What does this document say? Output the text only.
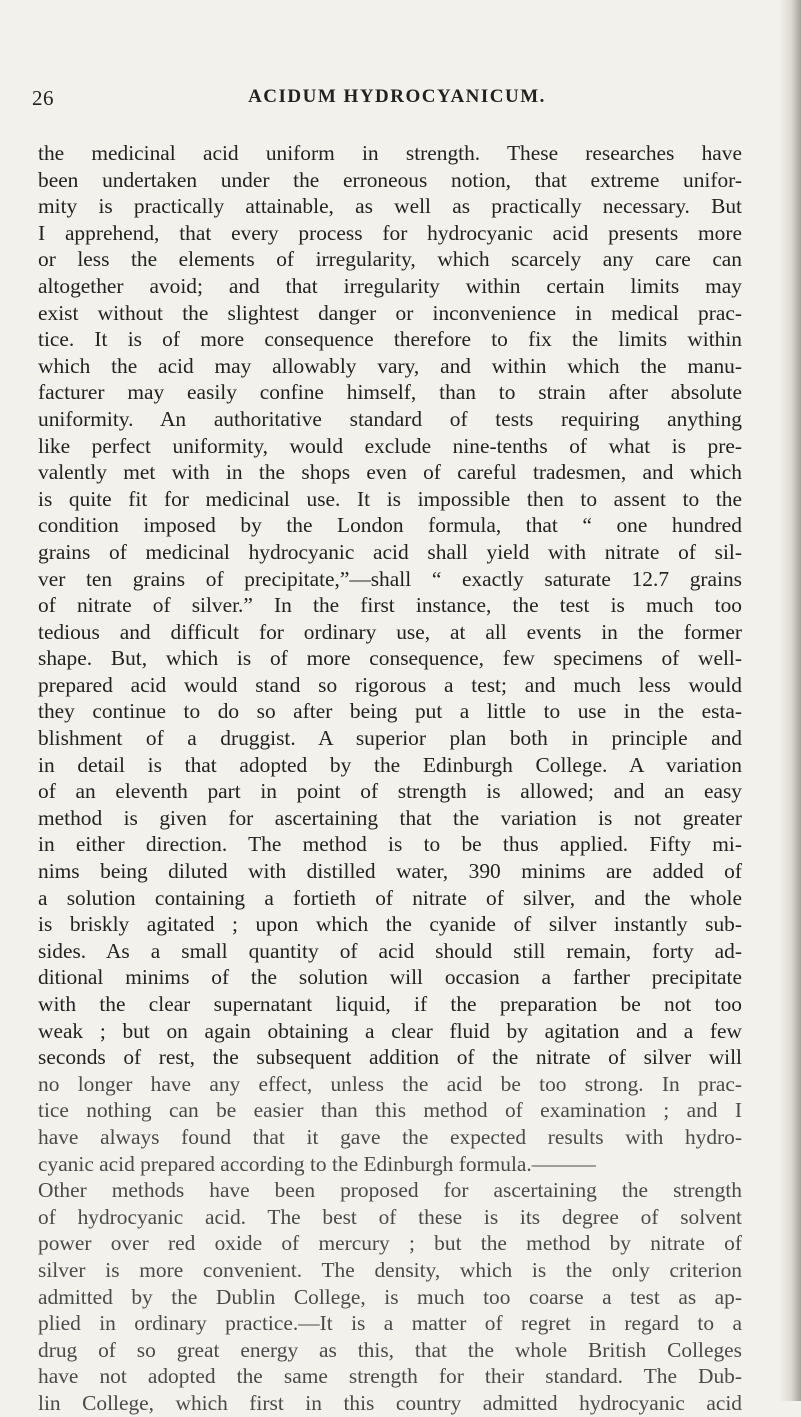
26	ACIDUM HYDROCYANICUM.
the medicinal acid uniform in strength. These researches have
been undertaken under the erroneous notion, that extreme unifor-
mity is practically attainable, as well as practically necessary. But
I apprehend, that every process for hydrocyanic acid presents more
or less the elements of irregularity, which scarcely any care can
altogether avoid; and that irregularity within certain limits may
exist without the slightest danger or inconvenience in medical prac-
tice. It is of more consequence therefore to fix the limits within
which the acid may allowably vary, and within which the manu-
facturer may easily confine himself, than to strain after absolute
uniformity. An authoritative standard of tests requiring anything
like perfect uniformity, would exclude nine-tenths of what is pre-
valently met with in the shops even of careful tradesmen, and which
is quite fit for medicinal use. It is impossible then to assent to the
condition imposed by the London formula, that “ one hundred
grains of medicinal hydrocyanic acid shall yield with nitrate of sil-
ver ten grains of precipitate,”—shall “ exactly saturate 12.7 grains
of nitrate of silver.” In the first instance, the test is much too
tedious and difficult for ordinary use, at all events in the former
shape. But, which is of more consequence, few specimens of well-
prepared acid would stand so rigorous a test; and much less would
they continue to do so after being put a little to use in the esta-
blishment of a druggist. A superior plan both in principle and
in detail is that adopted by the Edinburgh College. A variation
of an eleventh part in point of strength is allowed; and an easy
method is given for ascertaining that the variation is not greater
in either direction. The method is to be thus applied. Fifty mi-
nims being diluted with distilled water, 390 minims are added of
a solution containing a fortieth of nitrate of silver, and the whole
is briskly agitated ; upon which the cyanide of silver instantly sub-
sides. As a small quantity of acid should still remain, forty ad-
ditional minims of the solution will occasion a farther precipitate
with the clear supernatant liquid, if the preparation be not too
weak ; but on again obtaining a clear fluid by agitation and a few
seconds of rest, the subsequent addition of the nitrate of silver will
no longer have any effect, unless the acid be too strong. In prac-
tice nothing can be easier than this method of examination ; and I
have always found that it gave the expected results with hydro-
cyanic acid prepared according to the Edinburgh formula.———
Other methods have been proposed for ascertaining the strength
of hydrocyanic acid. The best of these is its degree of solvent
power over red oxide of mercury ; but the method by nitrate of
silver is more convenient. The density, which is the only criterion
admitted by the Dublin College, is much too coarse a test as ap-
plied in ordinary practice.—It is a matter of regret in regard to a
drug of so great energy as this, that the whole British Colleges
have not adopted the same strength for their standard. The Dub-
lin College, which first in this country admitted hydrocyanic acid
